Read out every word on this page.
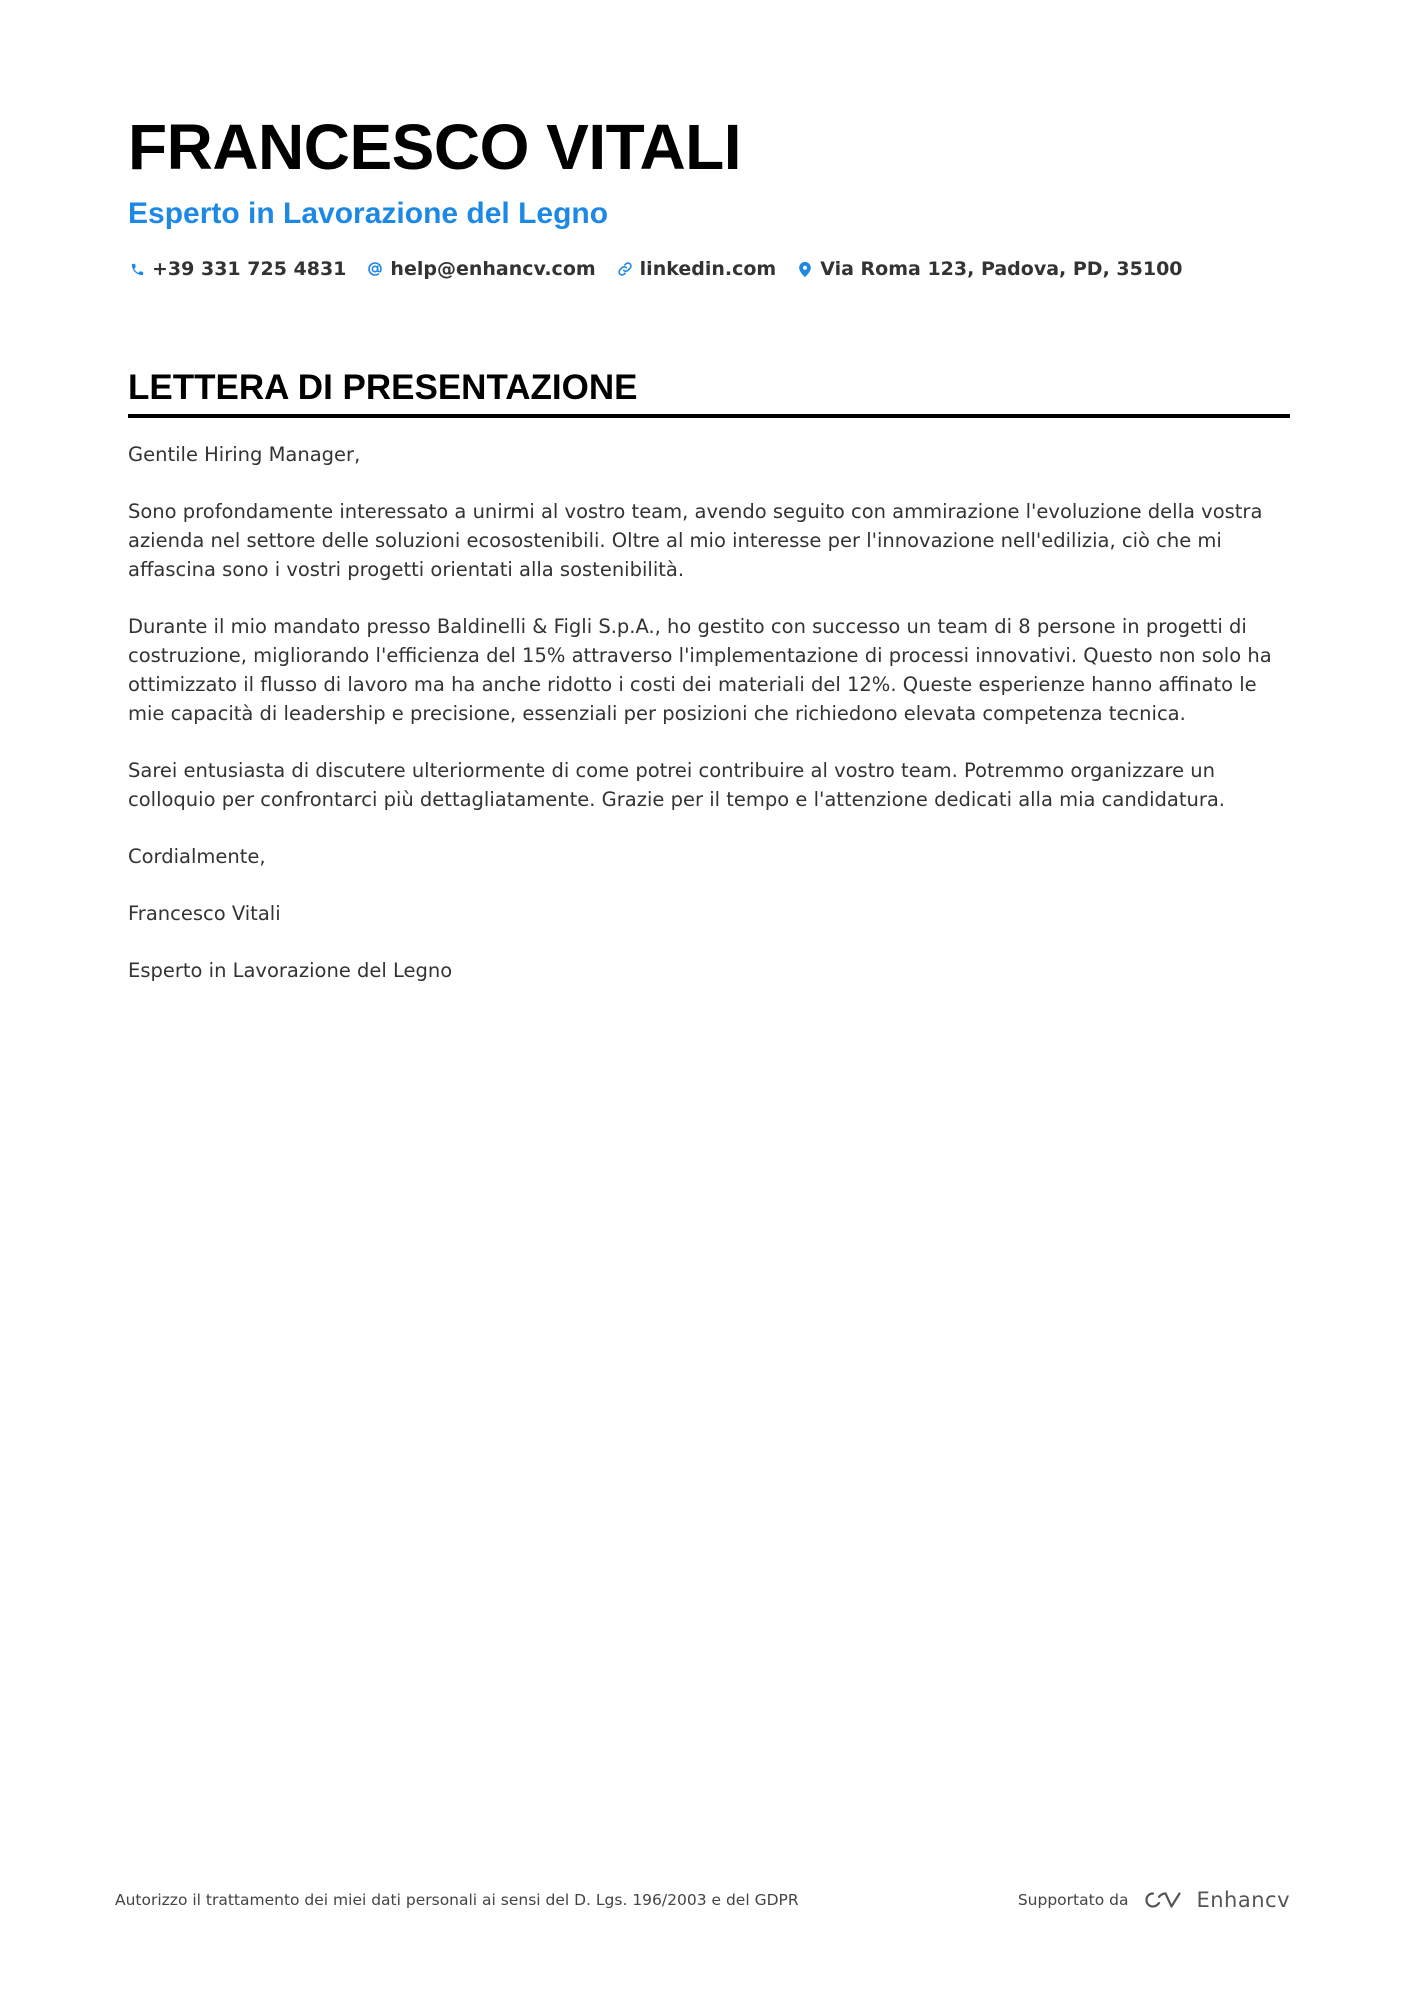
FRANCESCO VITALI
Esperto in Lavorazione del Legno
+39 331 725 4831 help@enhancv.com linkedin.com Via Roma 123, Padova, PD, 35100
LETTERA DI PRESENTAZIONE

Gentile Hiring Manager,

Sono profondamente interessato a unirmi al vostro team, avendo seguito con ammirazione l'evoluzione della vostra azienda nel settore delle soluzioni ecosostenibili. Oltre al mio interesse per l'innovazione nell'edilizia, ciò che mi affascina sono i vostri progetti orientati alla sostenibilità.

Durante il mio mandato presso Baldinelli & Figli S.p.A., ho gestito con successo un team di 8 persone in progetti di costruzione, migliorando l'efficienza del 15% attraverso l'implementazione di processi innovativi. Questo non solo ha ottimizzato il flusso di lavoro ma ha anche ridotto i costi dei materiali del 12%. Queste esperienze hanno affinato le mie capacità di leadership e precisione, essenziali per posizioni che richiedono elevata competenza tecnica.

Sarei entusiasta di discutere ulteriormente di come potrei contribuire al vostro team. Potremmo organizzare un colloquio per confrontarci più dettagliatamente. Grazie per il tempo e l'attenzione dedicati alla mia candidatura.

Cordialmente,

Francesco Vitali

Esperto in Lavorazione del Legno

Autorizzo il trattamento dei miei dati personali ai sensi del D. Lgs. 196/2003 e del GDPR	Supportato da	Enhancv
